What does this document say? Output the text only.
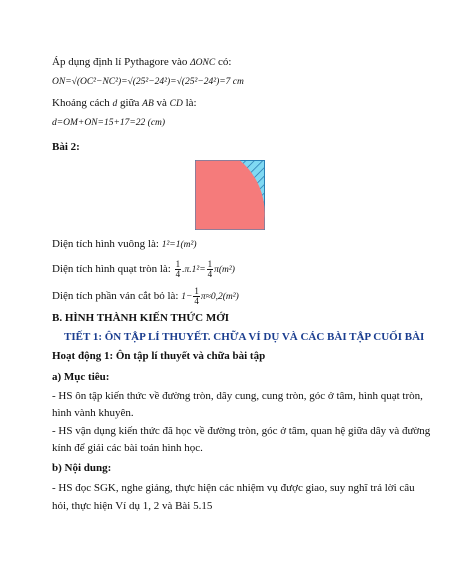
Áp dụng định lí Pythagore vào ΔONC có:
ON=√(OC²−NC²)=√(25²−24²)=√(25²−24²)=7 cm
Khoảng cách d giữa AB và CD là:
d=OM+ON=15+17=22 (cm)
Bài 2:
Diện tích hình vuông là: 1²=1(m²)
Diện tích hình quạt tròn là: $\frac{1}{4} .\pi.1^2= \frac{1}{4} \pi(m^2)$
Diện tích phần ván cắt bỏ là: $1- \frac{1}{4} \pi\approx 0,2(m^2)$
B. HÌNH THÀNH KIẾN THỨC MỚI
TIẾT 1: ÔN TẬP LÍ THUYẾT. CHỮA VÍ DỤ VÀ CÁC BÀI TẬP CUỐI BÀI
Hoạt động 1: Ôn tập lí thuyết và chữa bài tập
a) Mục tiêu:
- HS ôn tập kiến thức về đường tròn, dây cung, cung tròn, góc ở tâm, hình quạt tròn,
hình vành khuyên.
- HS vận dụng kiến thức đã học về đường tròn, góc ở tâm, quan hệ giữa dây và đường
kính để giải các bài toán hình học.
b) Nội dung:
- HS đọc SGK, nghe giảng, thực hiện các nhiệm vụ được giao, suy nghĩ trả lời câu
hỏi, thực hiện Ví dụ 1, 2 và Bài 5.15
